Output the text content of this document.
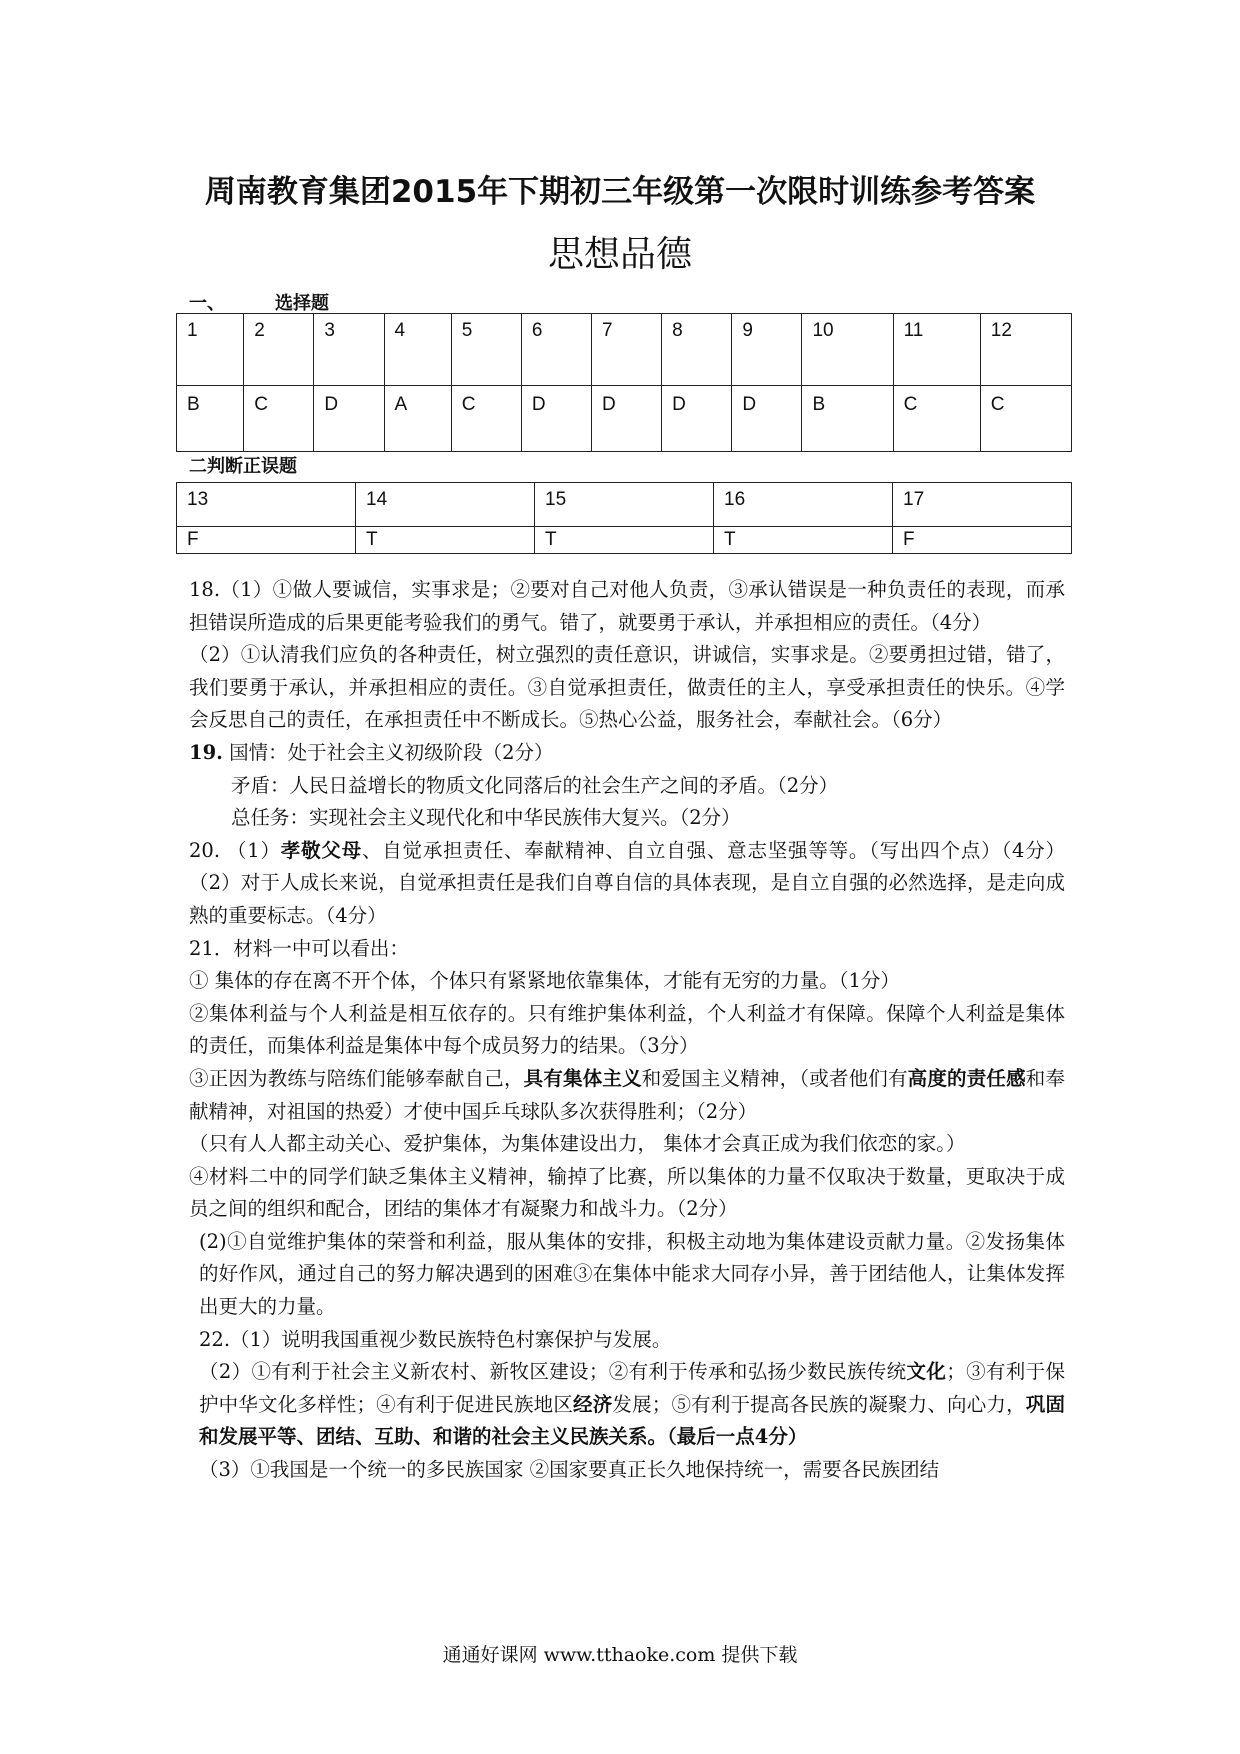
周南教育集团2015年下期初三年级第一次限时训练参考答案
思想品德
一、	选择题
1	2	3	4	5	6	7	8	9	10	11	12
B	C	D	A	C	D	D	D	D	B	C	C
二判断正误题
13	14	15	16	17
F	T	T	T	F

18.（1）①做人要诚信，实事求是；②要对自己对他人负责，③承认错误是一种负责任的表现，而承担错误所造成的后果更能考验我们的勇气。错了，就要勇于承认，并承担相应的责任。（4分）

（2）①认清我们应负的各种责任，树立强烈的责任意识，讲诚信，实事求是。②要勇担过错，错了，我们要勇于承认，并承担相应的责任。③自觉承担责任，做责任的主人，享受承担责任的快乐。④学会反思自己的责任，在承担责任中不断成长。⑤热心公益，服务社会，奉献社会。（6分）

19. 国情：处于社会主义初级阶段（2分）

矛盾：人民日益增长的物质文化同落后的社会生产之间的矛盾。（2分）

总任务：实现社会主义现代化和中华民族伟大复兴。（2分）

20. （1）孝敬父母、自觉承担责任、奉献精神、自立自强、意志坚强等等。（写出四个点）（4分） （2）对于人成长来说，自觉承担责任是我们自尊自信的具体表现，是自立自强的必然选择，是走向成熟的重要标志。（4分）

21．材料一中可以看出：

① 集体的存在离不开个体，个体只有紧紧地依靠集体，才能有无穷的力量。（1分）

②集体利益与个人利益是相互依存的。只有维护集体利益，个人利益才有保障。保障个人利益是集体的责任，而集体利益是集体中每个成员努力的结果。（3分）

③正因为教练与陪练们能够奉献自己，具有集体主义和爱国主义精神，（或者他们有高度的责任感和奉献精神，对祖国的热爱）才使中国乒乓球队多次获得胜利；（2分）

（只有人人都主动关心、爱护集体，为集体建设出力， 集体才会真正成为我们依恋的家。）

④材料二中的同学们缺乏集体主义精神，输掉了比赛，所以集体的力量不仅取决于数量，更取决于成员之间的组织和配合，团结的集体才有凝聚力和战斗力。（2分）

(2)①自觉维护集体的荣誉和利益，服从集体的安排，积极主动地为集体建设贡献力量。②发扬集体的好作风，通过自己的努力解决遇到的困难③在集体中能求大同存小异，善于团结他人，让集体发挥出更大的力量。

22.（1）说明我国重视少数民族特色村寨保护与发展。

（2）①有利于社会主义新农村、新牧区建设；②有利于传承和弘扬少数民族传统文化；③有利于保护中华文化多样性；④有利于促进民族地区经济发展；⑤有利于提高各民族的凝聚力、向心力，巩固和发展平等、团结、互助、和谐的社会主义民族关系。（最后一点4分）

（3）①我国是一个统一的多民族国家 ②国家要真正长久地保持统一，需要各民族团结

通通好课网 www.tthaoke.com 提供下载
